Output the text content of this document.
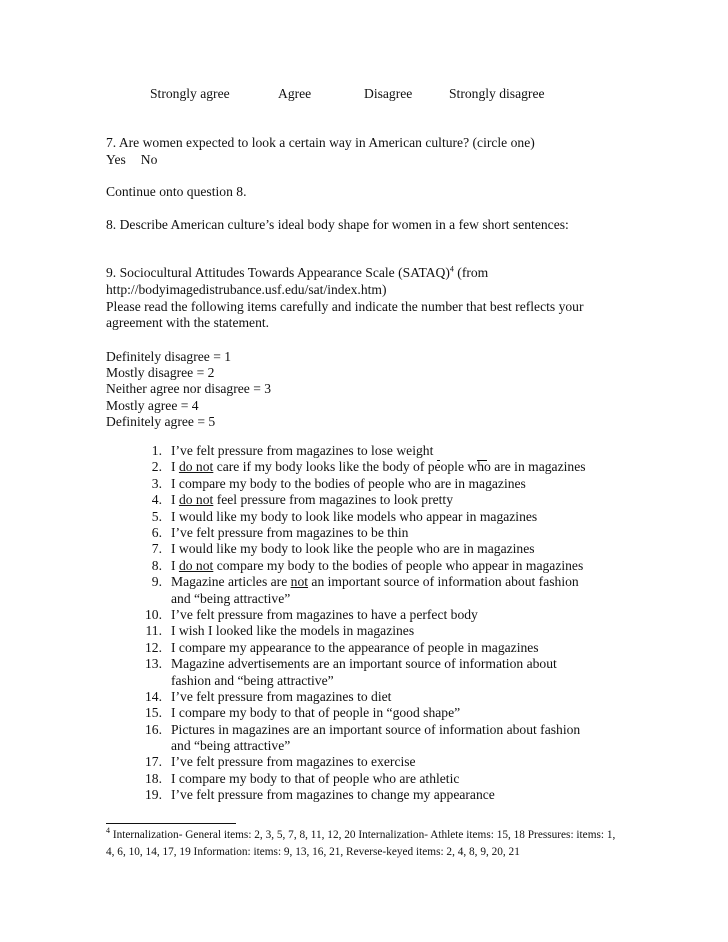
Strongly agree	Agree	Disagree	Strongly disagree
7. Are women expected to look a certain way in American culture? (circle one)
Yes No
Continue onto question 8.
8. Describe American culture’s ideal body shape for women in a few short sentences:
9. Sociocultural Attitudes Towards Appearance Scale (SATAQ)$^4$ (from
http://bodyimagedistrubance.usf.edu/sat/index.htm)
Please read the following items carefully and indicate the number that best reflects your
agreement with the statement.
Definitely disagree = 1
Mostly disagree = 2
Neither agree nor disagree = 3
Mostly agree = 4
Definitely agree = 5
1. I’ve felt pressure from magazines to lose weight

2. I do not care if my body looks like the body of people who are in magazines
3. I compare my body to the bodies of people who are in magazines
4. I do not feel pressure from magazines to look pretty
5. I would like my body to look like models who appear in magazines
6. I’ve felt pressure from magazines to be thin
7. I would like my body to look like the people who are in magazines
8. I do not compare my body to the bodies of people who appear in magazines
9. Magazine articles are not an important source of information about fashion
and “being attractive”
10. I’ve felt pressure from magazines to have a perfect body
11. I wish I looked like the models in magazines
12. I compare my appearance to the appearance of people in magazines
13. Magazine advertisements are an important source of information about
fashion and “being attractive”
14. I’ve felt pressure from magazines to diet
15. I compare my body to that of people in “good shape”
16. Pictures in magazines are an important source of information about fashion
and “being attractive”
17. I’ve felt pressure from magazines to exercise
18. I compare my body to that of people who are athletic
19. I’ve felt pressure from magazines to change my appearance
$^4$ Internalization- General items: 2, 3, 5, 7, 8, 11, 12, 20 Internalization- Athlete items: 15, 18 Pressures: items: 1, 4, 6, 10, 14, 17, 19 Information: items: 9, 13, 16, 21, Reverse-keyed items: 2, 4, 8, 9, 20, 21
